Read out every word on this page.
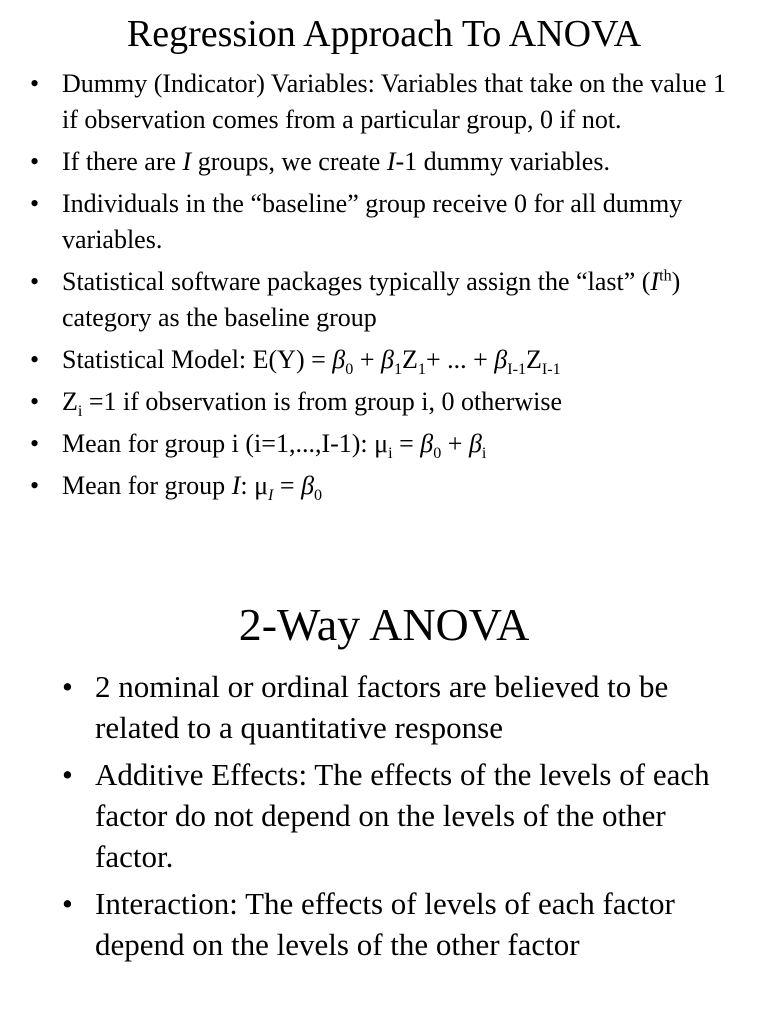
Regression Approach To ANOVA
• Dummy (Indicator) Variables: Variables that take on the value 1 if observation comes from a particular group, 0 if not.
• If there are I groups, we create I-1 dummy variables.
• Individuals in the “baseline” group receive 0 for all dummy variables.
• Statistical software packages typically assign the “last” (Ith) category as the baseline group
• Statistical Model: $E(Y) = \beta_0 + \beta_1Z_1+$ ... + $\beta_{I-1}Z_{I-1}$
• $Z_i =1$ if observation is from group i, 0 otherwise
• Mean for group i (i=1,...,I-1): $\mu_i = \beta_0 + \beta_i$
• Mean for group I: $\mu_I = \beta_0$
2-Way ANOVA
• 2 nominal or ordinal factors are believed to be related to a quantitative response
• Additive Effects: The effects of the levels of each factor do not depend on the levels of the other factor.
• Interaction: The effects of levels of each factor depend on the levels of the other factor
